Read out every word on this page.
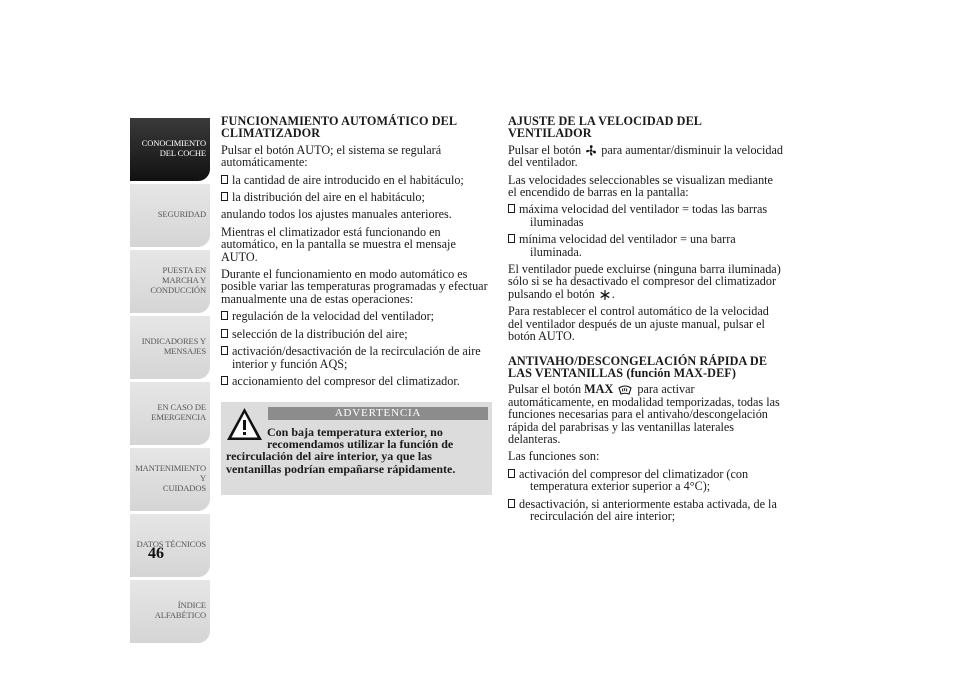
CONOCIMIENTO
DEL COCHE
SEGURIDAD
PUESTA EN
MARCHA Y
CONDUCCIÓN
INDICADORES Y
MENSAJES
EN CASO DE
EMERGENCIA
MANTENIMIENTO Y
CUIDADOS
DATOS TÉCNICOS
ÍNDICE
ALFABÉTICO
46
FUNCIONAMIENTO AUTOMÁTICO DEL CLIMATIZADOR

Pulsar el botón AUTO; el sistema se regulará automáticamente:

la cantidad de aire introducido en el habitáculo;
la distribución del aire en el habitáculo;

anulando todos los ajustes manuales anteriores.

Mientras el climatizador está funcionando en automático, en la pantalla se muestra el mensaje AUTO.

Durante el funcionamiento en modo automático es posible variar las temperaturas programadas y efectuar manualmente una de estas operaciones:

regulación de la velocidad del ventilador;
selección de la distribución del aire;
activación/desactivación de la recirculación de aire interior y función AQS;
accionamiento del compresor del climatizador.
ADVERTENCIA
Con baja temperatura exterior, no recomendamos utilizar la función de
recirculación del aire interior, ya que las ventanillas podrían empañarse rápidamente.
AJUSTE DE LA VELOCIDAD DEL VENTILADOR

Pulsar el botón para aumentar/disminuir la velocidad del ventilador.

Las velocidades seleccionables se visualizan mediante el encendido de barras en la pantalla:

máxima velocidad del ventilador = todas las barras iluminadas
mínima velocidad del ventilador = una barra iluminada.

El ventilador puede excluirse (ninguna barra iluminada) sólo si se ha desactivado el compresor del climatizador pulsando el botón .

Para restablecer el control automático de la velocidad del ventilador después de un ajuste manual, pulsar el botón AUTO.

ANTIVAHO/DESCONGELACIÓN RÁPIDA DE LAS VENTANILLAS (función MAX-DEF)

Pulsar el botón MAX para activar automáticamente, en modalidad temporizadas, todas las funciones necesarias para el antivaho/descongelación rápida del parabrisas y las ventanillas laterales delanteras.

Las funciones son:

activación del compresor del climatizador (con temperatura exterior superior a 4°C);
desactivación, si anteriormente estaba activada, de la recirculación del aire interior;
